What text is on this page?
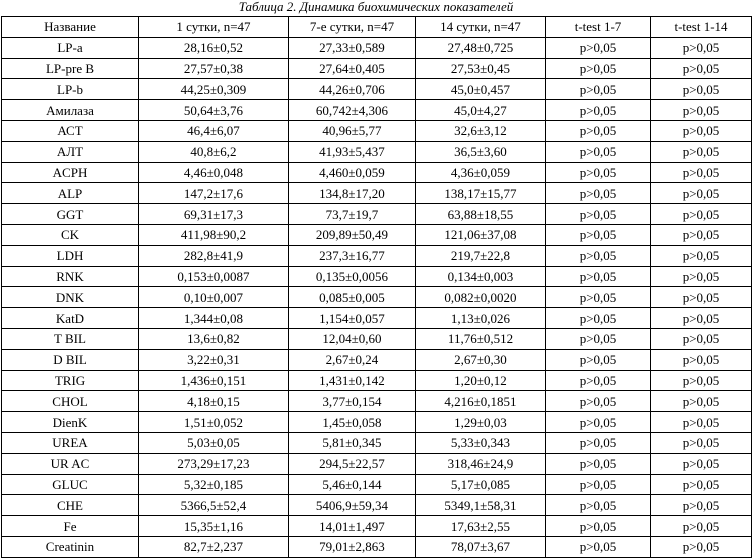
Таблица 2. Динамика биохимических показателей
Название	1 сутки, n=47	7-е сутки, n=47	14 сутки, n=47	t-test 1-7	t-test 1-14
LP-a	28,16±0,52	27,33±0,589	27,48±0,725	p>0,05	p>0,05
LP-pre B	27,57±0,38	27,64±0,405	27,53±0,45	p>0,05	p>0,05
LP-b	44,25±0,309	44,26±0,706	45,0±0,457	p>0,05	p>0,05
Амилаза	50,64±3,76	60,742±4,306	45,0±4,27	p>0,05	p>0,05
АСТ	46,4±6,07	40,96±5,77	32,6±3,12	p>0,05	p>0,05
АЛТ	40,8±6,2	41,93±5,437	36,5±3,60	p>0,05	p>0,05
ACPH	4,46±0,048	4,460±0,059	4,36±0,059	p>0,05	p>0,05
ALP	147,2±17,6	134,8±17,20	138,17±15,77	p>0,05	p>0,05
GGT	69,31±17,3	73,7±19,7	63,88±18,55	p>0,05	p>0,05
CK	411,98±90,2	209,89±50,49	121,06±37,08	p>0,05	p>0,05
LDH	282,8±41,9	237,3±16,77	219,7±22,8	p>0,05	p>0,05
RNK	0,153±0,0087	0,135±0,0056	0,134±0,003	p>0,05	p>0,05
DNK	0,10±0,007	0,085±0,005	0,082±0,0020	p>0,05	p>0,05
KatD	1,344±0,08	1,154±0,057	1,13±0,026	p>0,05	p>0,05
T BIL	13,6±0,82	12,04±0,60	11,76±0,512	p>0,05	p>0,05
D BIL	3,22±0,31	2,67±0,24	2,67±0,30	p>0,05	p>0,05
TRIG	1,436±0,151	1,431±0,142	1,20±0,12	p>0,05	p>0,05
CHOL	4,18±0,15	3,77±0,154	4,216±0,1851	p>0,05	p>0,05
DienK	1,51±0,052	1,45±0,058	1,29±0,03	p>0,05	p>0,05
UREA	5,03±0,05	5,81±0,345	5,33±0,343	p>0,05	p>0,05
UR AC	273,29±17,23	294,5±22,57	318,46±24,9	p>0,05	p>0,05
GLUC	5,32±0,185	5,46±0,144	5,17±0,085	p>0,05	p>0,05
CHE	5366,5±52,4	5406,9±59,34	5349,1±58,31	p>0,05	p>0,05
Fe	15,35±1,16	14,01±1,497	17,63±2,55	p>0,05	p>0,05
Creatinin	82,7±2,237	79,01±2,863	78,07±3,67	p>0,05	p>0,05
